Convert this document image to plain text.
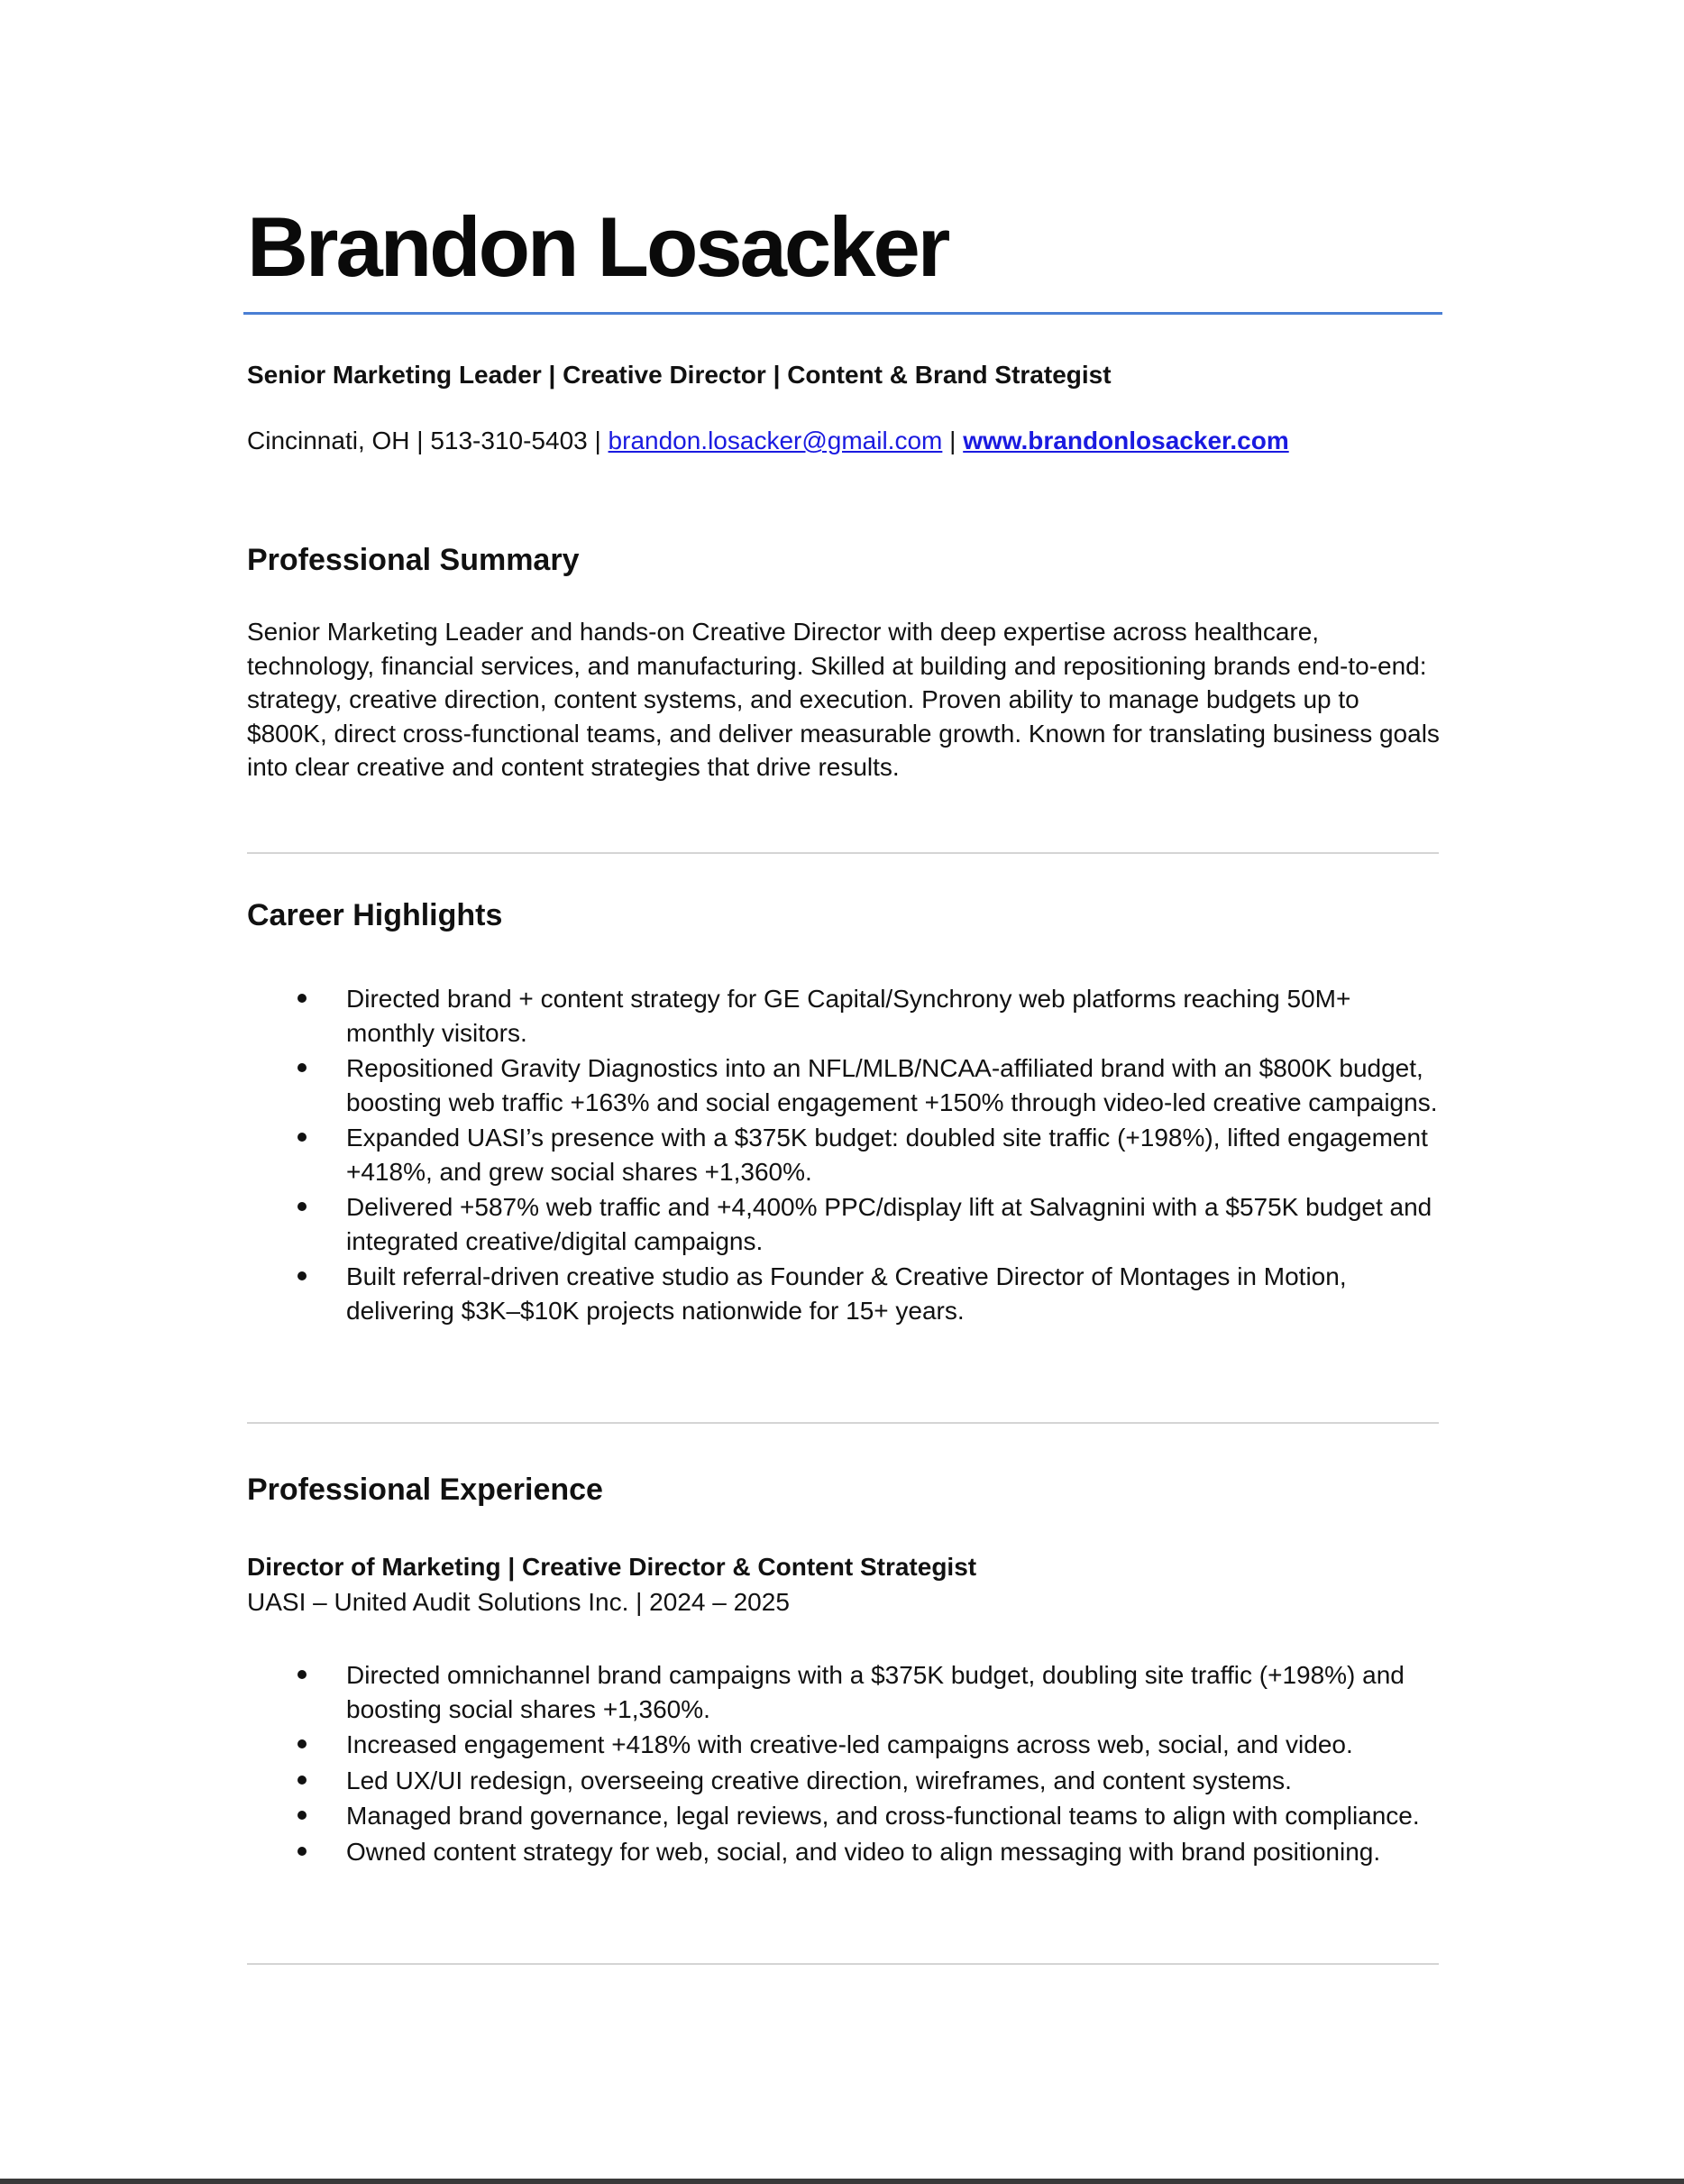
Brandon Losacker

Senior Marketing Leader | Creative Director | Content & Brand Strategist

Cincinnati, OH | 513-310-5403 | brandon.losacker@gmail.com | www.brandonlosacker.com

Professional Summary

Senior Marketing Leader and hands-on Creative Director with deep expertise across healthcare, technology, financial services, and manufacturing. Skilled at building and repositioning brands end-to-end: strategy, creative direction, content systems, and execution. Proven ability to manage budgets up to $800K, direct cross-functional teams, and deliver measurable growth. Known for translating business goals into clear creative and content strategies that drive results.

Career Highlights
Directed brand + content strategy for GE Capital/Synchrony web platforms reaching 50M+ monthly visitors.
Repositioned Gravity Diagnostics into an NFL/MLB/NCAA-affiliated brand with an $800K budget, boosting web traffic +163% and social engagement +150% through video-led creative campaigns.
Expanded UASI’s presence with a $375K budget: doubled site traffic (+198%), lifted engagement +418%, and grew social shares +1,360%.
Delivered +587% web traffic and +4,400% PPC/display lift at Salvagnini with a $575K budget and integrated creative/digital campaigns.
Built referral-driven creative studio as Founder & Creative Director of Montages in Motion, delivering $3K–$10K projects nationwide for 15+ years.
Professional Experience

Director of Marketing | Creative Director & Content Strategist

UASI – United Audit Solutions Inc. | 2024 – 2025

Directed omnichannel brand campaigns with a $375K budget, doubling site traffic (+198%) and boosting social shares +1,360%.
Increased engagement +418% with creative-led campaigns across web, social, and video.
Led UX/UI redesign, overseeing creative direction, wireframes, and content systems.
Managed brand governance, legal reviews, and cross-functional teams to align with compliance.
Owned content strategy for web, social, and video to align messaging with brand positioning.
